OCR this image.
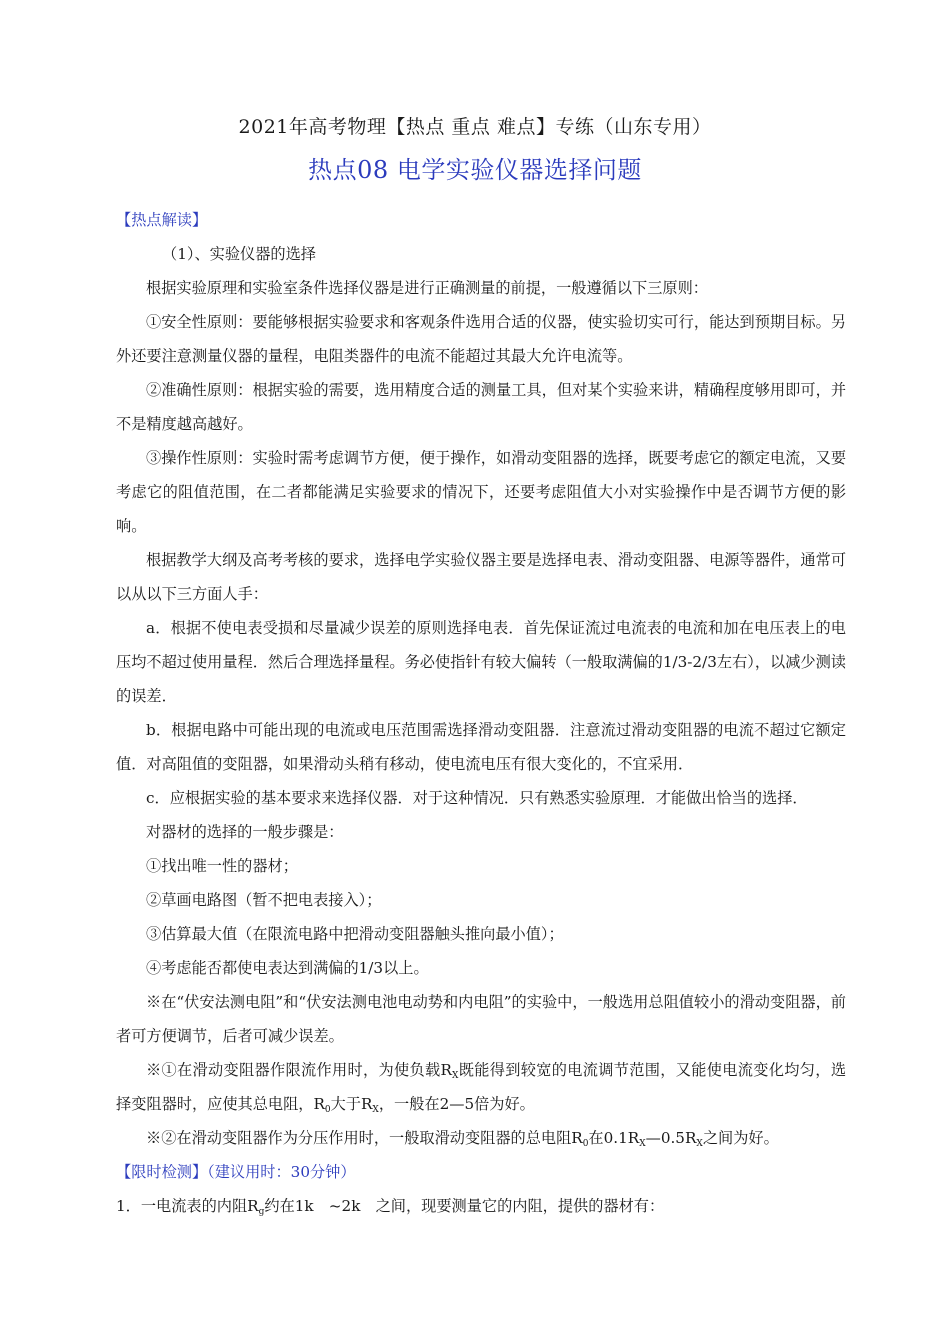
2021年高考物理【热点 重点 难点】专练（山东专用）
热点08 电学实验仪器选择问题

【热点解读】

（1）、实验仪器的选择

根据实验原理和实验室条件选择仪器是进行正确测量的前提，一般遵循以下三原则：

①安全性原则：要能够根据实验要求和客观条件选用合适的仪器，使实验切实可行，能达到预期目标。另外还要注意测量仪器的量程，电阻类器件的电流不能超过其最大允许电流等。

②准确性原则：根据实验的需要，选用精度合适的测量工具，但对某个实验来讲，精确程度够用即可，并不是精度越高越好。

③操作性原则：实验时需考虑调节方便，便于操作，如滑动变阻器的选择，既要考虑它的额定电流，又要考虑它的阻值范围，在二者都能满足实验要求的情况下，还要考虑阻值大小对实验操作中是否调节方便的影响。

根据教学大纲及高考考核的要求，选择电学实验仪器主要是选择电表、滑动变阻器、电源等器件，通常可以从以下三方面人手：

a．根据不使电表受损和尽量减少误差的原则选择电表．首先保证流过电流表的电流和加在电压表上的电压均不超过使用量程．然后合理选择量程。务必使指针有较大偏转（一般取满偏的1/3-2/3左右），以减少测读的误差．

b．根据电路中可能出现的电流或电压范围需选择滑动变阻器．注意流过滑动变阻器的电流不超过它额定值．对高阻值的变阻器，如果滑动头稍有移动，使电流电压有很大变化的，不宜采用．

c．应根据实验的基本要求来选择仪器．对于这种情况．只有熟悉实验原理．才能做出恰当的选择．

对器材的选择的一般步骤是：

①找出唯一性的器材；

②草画电路图（暂不把电表接入）；

③估算最大值（在限流电路中把滑动变阻器触头推向最小值）；

④考虑能否都使电表达到满偏的1/3以上。

※在“伏安法测电阻”和“伏安法测电池电动势和内电阻”的实验中，一般选用总阻值较小的滑动变阻器，前者可方便调节，后者可减少误差。

※①在滑动变阻器作限流作用时，为使负载$R_X$既能得到较宽的电流调节范围，又能使电流变化均匀，选择变阻器时，应使其总电阻，$R_0$大于$R_X$，一般在2—5倍为好。

※②在滑动变阻器作为分压作用时，一般取滑动变阻器的总电阻$R_0$在$0.1R_X—0.5R_X$之间为好。

【限时检测】（建议用时：30分钟）

1．一电流表的内阻$R_g$约在1k　~2k　之间，现要测量它的内阻，提供的器材有：
